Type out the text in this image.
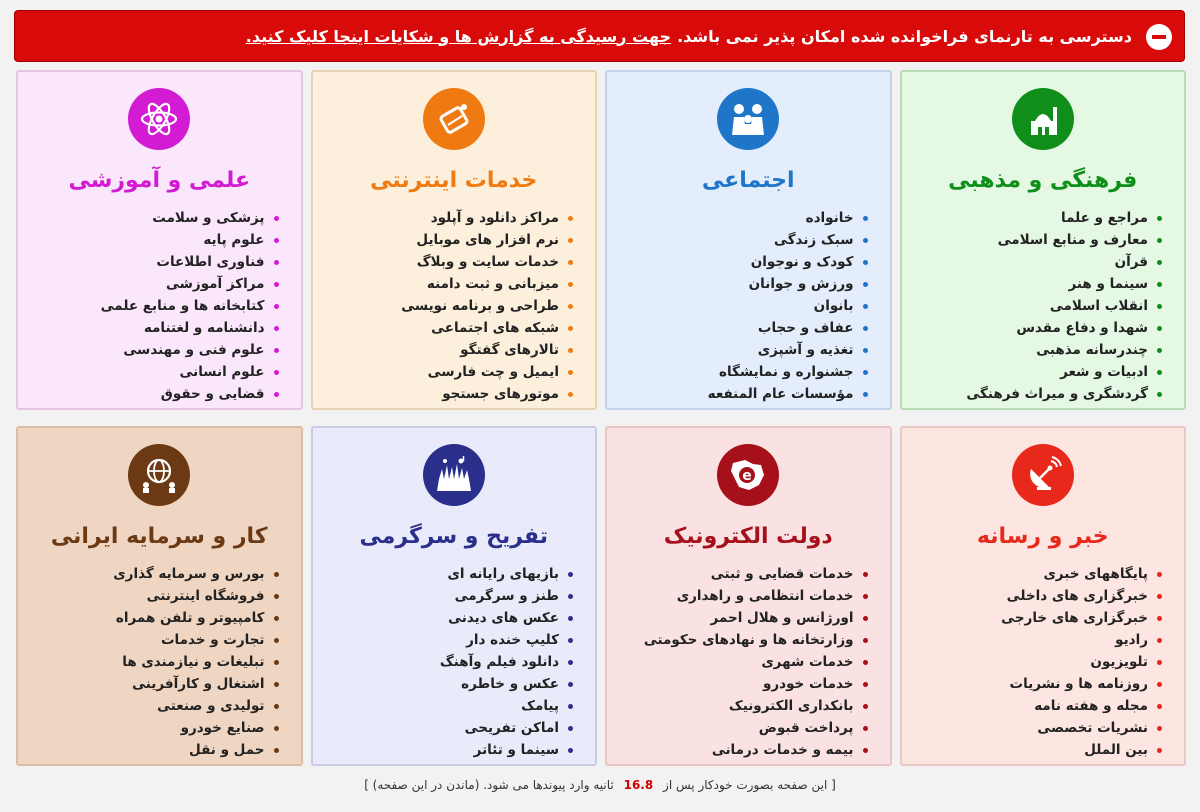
دسترسی به تارنمای فراخوانده شده امکان پذیر نمی باشد.
جهت رسیدگی به گزارش ها و شکایات اینجا کلیک کنید.
فرهنگی و مذهبی
مراجع و علما
معارف و منابع اسلامی
قرآن
سینما و هنر
انقلاب اسلامی
شهدا و دفاع مقدس
چندرسانه مذهبی
ادبیات و شعر
گردشگری و میراث فرهنگی
اجتماعی
خانواده
سبک زندگی
کودک و نوجوان
ورزش و جوانان
بانوان
عفاف و حجاب
تغذیه و آشپزی
جشنواره و نمایشگاه
مؤسسات عام المنفعه
خدمات اینترنتی
مراکز دانلود و آپلود
نرم افزار های موبایل
خدمات سایت و وبلاگ
میزبانی و ثبت دامنه
طراحی و برنامه نویسی
شبکه های اجتماعی
تالارهای گفتگو
ایمیل و چت فارسی
موتورهای جستجو
علمی و آموزشی
پزشکی و سلامت
علوم پایه
فناوری اطلاعات
مراکز آموزشی
کتابخانه ها و منابع علمی
دانشنامه و لغتنامه
علوم فنی و مهندسی
علوم انسانی
قضایی و حقوق
خبر و رسانه
پایگاههای خبری
خبرگزاری های داخلی
خبرگزاری های خارجی
رادیو
تلویزیون
روزنامه ها و نشریات
مجله و هفته نامه
نشریات تخصصی
بین الملل
e
دولت الکترونیک
خدمات قضایی و ثبتی
خدمات انتظامی و راهداری
اورژانس و هلال احمر
وزارتخانه ها و نهادهای حکومتی
خدمات شهری
خدمات خودرو
بانکداری الکترونیک
پرداخت قبوض
بیمه و خدمات درمانی
تفریح و سرگرمی
بازیهای رایانه ای
طنز و سرگرمی
عکس های دیدنی
کلیپ خنده دار
دانلود فیلم وآهنگ
عکس و خاطره
پیامک
اماکن تفریحی
سینما و تئاتر
کار و سرمایه ایرانی
بورس و سرمایه گذاری
فروشگاه اینترنتی
کامپیوتر و تلفن همراه
تجارت و خدمات
تبلیغات و نیازمندی ها
اشتغال و کارآفرینی
تولیدی و صنعتی
صنایع خودرو
حمل و نقل
[ این صفحه بصورت خودکار پس از 16.8 ثانیه وارد پیوندها می شود. (ماندن در این صفحه) ]
